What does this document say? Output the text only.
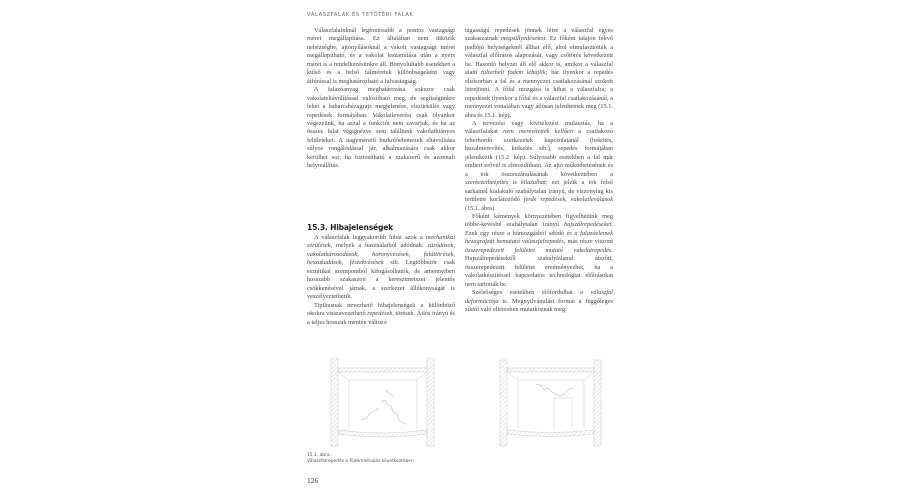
VÁLASZFALAK ÉS TETŐTÉRI FALAK

Válaszfalainknál legfontosabb a pontos vastagsági méret megállapítása. Ez általában nem ütközik nehézségbe, ajtónyílásoknál a vakolt vastagsági méret megállapítható, és a vakolat leszámítása után a nyers méret is a rendelkezésünkre áll. Bonyolultabb esetekben a külső és a belső falméretek különbségeként vagy átfúrással is meghatározható a falvastagság.

A falazóanyag meghatározása sokszor csak vakolateltávolítással valósítható meg, de segítségünkre lehet a habarcshézagrajz megjelenése, elszürkülés vagy repedések formájában. Vakolatleverést csak olyankor végezzünk, ha azzal a funkciót nem zavarjuk, és ha az összes falat végignézve sem találtunk vakolathiányos felületeket. A nagyméretű burkolóelemezek eltávolítása súlyos rongálódással jár, alkalmazására csak akkor kerülhet sor, ha biztosítható a szakszerű és azonnali helyreállítás.

15.3. Hibajelenségek

A válaszfalak leggyakoribb hibái azok a mechanikai sérülések, melyek a használatból adódnak: züzódások, vakolatkárosodások, horonyvésések, faláttörések, beszakadások, fészekvésések stb. Legtöbbször csak esztétikai szempontból kifogásolhatók, de amennyiben hosszabb szakaszon a keresztmetszet jelentős csökkenésével járnak, a szerkezet állékonyságát is veszélyeztethetik.

Tipikusnak nevezhető hibajelenségek a különböző okokra visszavezethető repedések, törések. Átlós irányú és a teljes hosszuk mentén változó

tágasságú repedések jönnek létre a válaszfal egyes szakaszainak megsüllyedésekor. Ez főként talajon fekvő padlójú helyiségeknél állhat elő, ahol elmulasztották a válaszfal előírásos alapozását, vagy csőtörés következett be. Hasonló helyzet áll elő akkor is, amikor a válaszfal alatti túlterhelt födém lehajlik; bár ilyenkor a repedés elsősorban a fal és a mennyezet csatlakozásánál szokott létrejönni. A főfal mozgása is kihat a válaszfalra; a repedések ilyenkor a főfal és a válaszfal csatlakozásánál, a mennyezet vonalában vagy átlósan jelenhetnek meg (15.1. ábra és 15.1. kép).

A tervezési vagy kivitelezési mulasztás, ha a válaszfalakat nem merevítették kellően a csatlakozó teherhordó szerkezetek kapcsolatánál (bekötés, huzalmerevítés, kiékelés stb.), repedés formájában jelentkezik (15.2. kép). Súlyosabb esetekben a fal már emberi erővel is elmozdítható. Az ajtó működtetésének és a tok összeszáradásának következtében a szerkezetbeépítés is kilazulhat; ezt jelzik a tok felső sarkainál kialakuló szabálytalan irányú, de viszonylag kis területre korlátozódó ferde repedések, vakolatleválások (15.1. ábra).

Főként kémények környezetében figyelhetünk meg többé-kevésbé szabálytalan irányú hajszálrepedéseket. Ezek egy része a hőmozgásból adódó és a falazóelemek hézagrajzát bemutató válaszfalrepedés, más része viszont összerepedezett felületet mutató vakolatrepedés. Hajszálrepedésektől szabálytalanul átszőtt, összerepedezett felületet eredményezhet, ha a vakolatkészítéssel kapcsolatos technológiai előírásokat nem tartották be.

Szélsőséges esetekben előfordulhat a válaszfal deformációja is. Megnyilvánulási formái a függőleges síktól való eltérésben mutatkoznak meg;

15.1. ábra.
Válaszfalrepedés a födémlehajlás következtében
126
